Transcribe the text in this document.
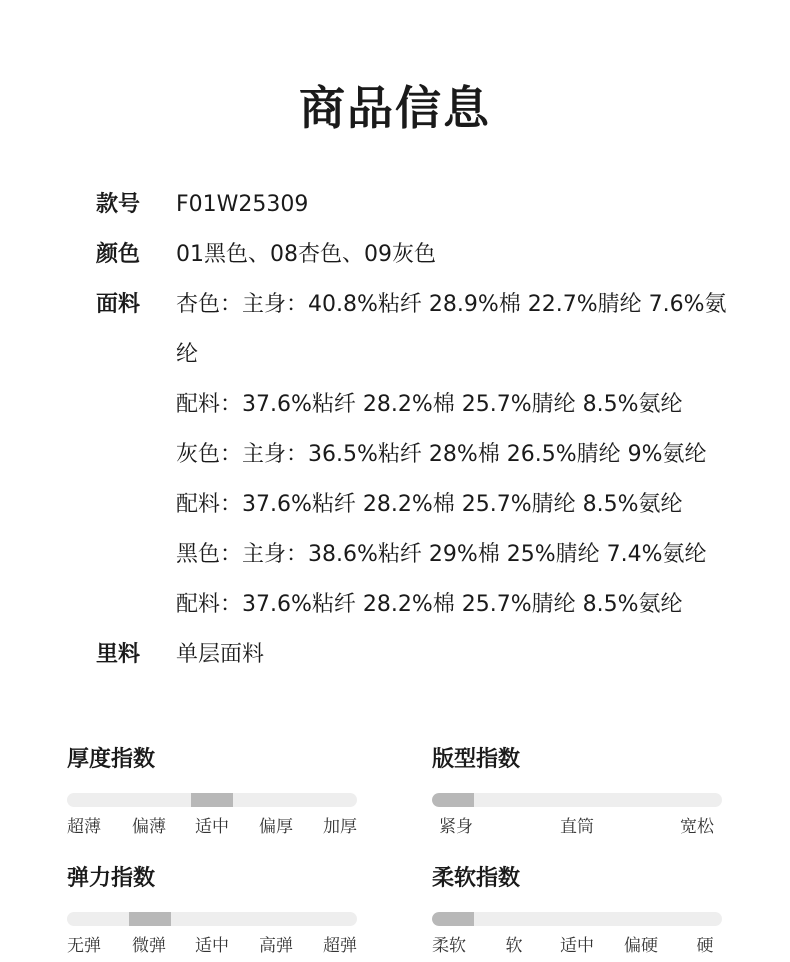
商品信息
款号	F01W25309
颜色	01黑色、08杏色、09灰色
面料	杏色：主身：40.8%粘纤 28.9%棉 22.7%腈纶 7.6%氨
纶
配料：37.6%粘纤 28.2%棉 25.7%腈纶 8.5%氨纶
灰色：主身：36.5%粘纤 28%棉 26.5%腈纶 9%氨纶
配料：37.6%粘纤 28.2%棉 25.7%腈纶 8.5%氨纶
黑色：主身：38.6%粘纤 29%棉 25%腈纶 7.4%氨纶
配料：37.6%粘纤 28.2%棉 25.7%腈纶 8.5%氨纶
里料	单层面料
厚度指数
超薄 偏薄 适中 偏厚 加厚
版型指数
紧身	直筒	宽松
弹力指数
无弹 微弹 适中 高弹 超弹
柔软指数
柔软 软 适中 偏硬 硬
